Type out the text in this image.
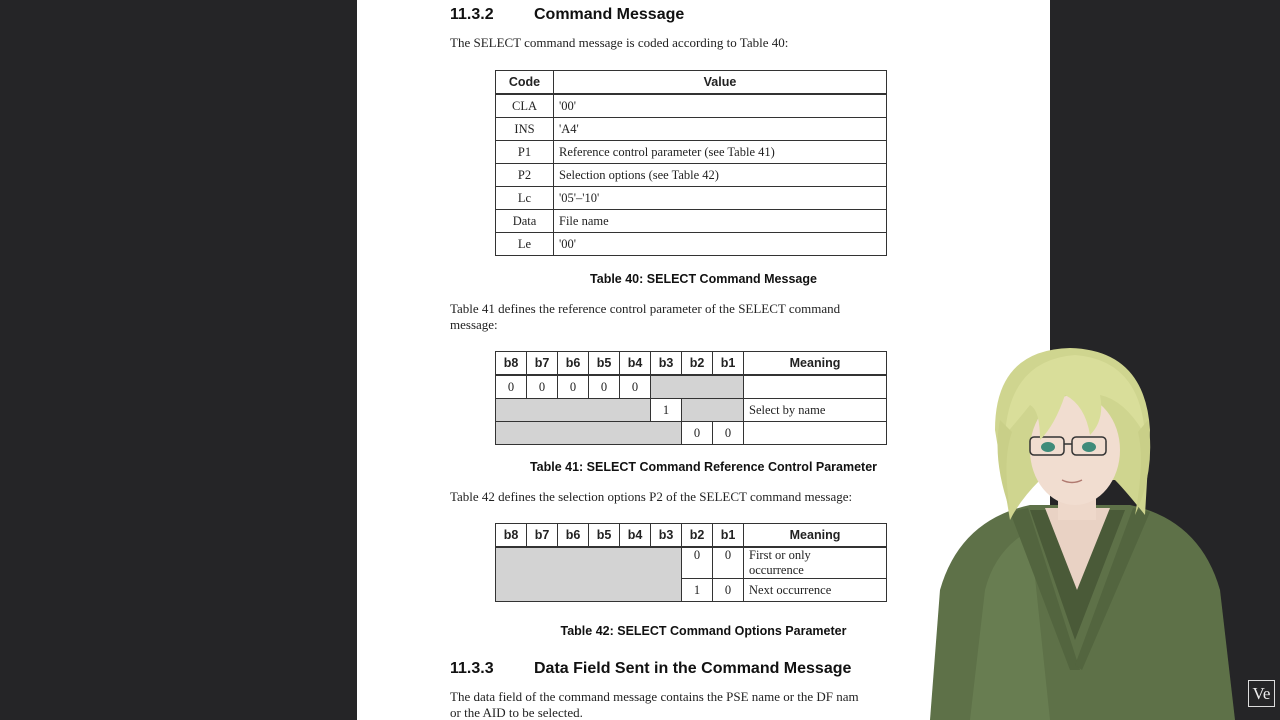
11.3.2	Command Message
The SELECT command message is coded according to Table 40:
Code	Value
CLA	'00'
INS	'A4'
P1	Reference control parameter (see Table 41)
P2	Selection options (see Table 42)
Lc	'05'–'10'
Data	File name
Le	'00'
Table 40: SELECT Command Message
Table 41 defines the reference control parameter of the SELECT command
message:
b8	b7	b6	b5	b4	b3	b2	b1	Meaning
0	0	0	0	0				
					1			Select by name
						0	0	
Table 41: SELECT Command Reference Control Parameter
Table 42 defines the selection options P2 of the SELECT command message:
b8	b7	b6	b5	b4	b3	b2	b1	Meaning
						0	0	First or only
occurrence

						1	0	Next occurrence
Table 42: SELECT Command Options Parameter
11.3.3	Data Field Sent in the Command Message
The data field of the command message contains the PSE name or the DF nam
or the AID to be selected.
Ve
